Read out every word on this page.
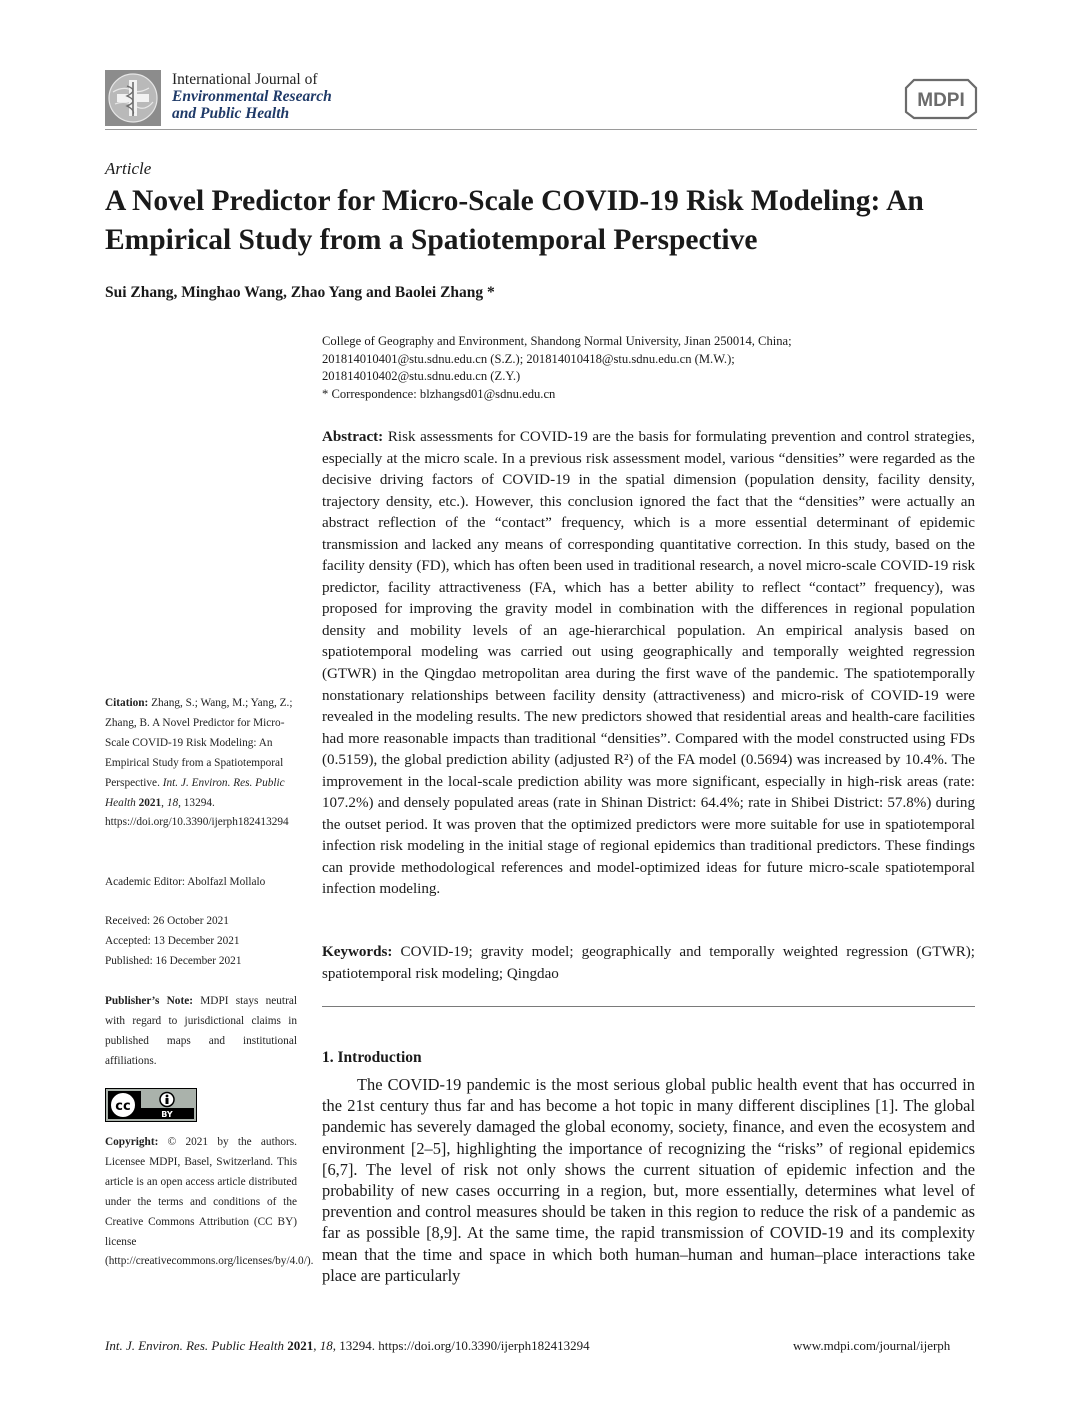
International Journal of
Environmental Research
and Public Health
MDPI
Article
A Novel Predictor for Micro-Scale COVID-19 Risk Modeling: An Empirical Study from a Spatiotemporal Perspective
Sui Zhang, Minghao Wang, Zhao Yang and Baolei Zhang *
College of Geography and Environment, Shandong Normal University, Jinan 250014, China;
201814010401@stu.sdnu.edu.cn (S.Z.); 201814010418@stu.sdnu.edu.cn (M.W.);
201814010402@stu.sdnu.edu.cn (Z.Y.)
* Correspondence: blzhangsd01@sdnu.edu.cn
Abstract: Risk assessments for COVID-19 are the basis for formulating prevention and control strategies, especially at the micro scale. In a previous risk assessment model, various “densities” were regarded as the decisive driving factors of COVID-19 in the spatial dimension (population density, facility density, trajectory density, etc.). However, this conclusion ignored the fact that the “densities” were actually an abstract reflection of the “contact” frequency, which is a more essential determinant of epidemic transmission and lacked any means of corresponding quantitative correction. In this study, based on the facility density (FD), which has often been used in traditional research, a novel micro-scale COVID-19 risk predictor, facility attractiveness (FA, which has a better ability to reflect “contact” frequency), was proposed for improving the gravity model in combination with the differences in regional population density and mobility levels of an age-hierarchical population. An empirical analysis based on spatiotemporal modeling was carried out using geographically and temporally weighted regression (GTWR) in the Qingdao metropolitan area during the first wave of the pandemic. The spatiotemporally nonstationary relationships between facility density (attractiveness) and micro-risk of COVID-19 were revealed in the modeling results. The new predictors showed that residential areas and health-care facilities had more reasonable impacts than traditional “densities”. Compared with the model constructed using FDs (0.5159), the global prediction ability (adjusted R²) of the FA model (0.5694) was increased by 10.4%. The improvement in the local-scale prediction ability was more significant, especially in high-risk areas (rate: 107.2%) and densely populated areas (rate in Shinan District: 64.4%; rate in Shibei District: 57.8%) during the outset period. It was proven that the optimized predictors were more suitable for use in spatiotemporal infection risk modeling in the initial stage of regional epidemics than traditional predictors. These findings can provide methodological references and model-optimized ideas for future micro-scale spatiotemporal infection modeling.
Keywords: COVID-19; gravity model; geographically and temporally weighted regression (GTWR); spatiotemporal risk modeling; Qingdao
1. Introduction
The COVID-19 pandemic is the most serious global public health event that has occurred in the 21st century thus far and has become a hot topic in many different disciplines [1]. The global pandemic has severely damaged the global economy, society, finance, and even the ecosystem and environment [2–5], highlighting the importance of recognizing the “risks” of regional epidemics [6,7]. The level of risk not only shows the current situation of epidemic infection and the probability of new cases occurring in a region, but, more essentially, determines what level of prevention and control measures should be taken in this region to reduce the risk of a pandemic as far as possible [8,9]. At the same time, the rapid transmission of COVID-19 and its complexity mean that the time and space in which both human–human and human–place interactions take place are particularly
Citation: Zhang, S.; Wang, M.; Yang, Z.; Zhang, B. A Novel Predictor for Micro-Scale COVID-19 Risk Modeling: An Empirical Study from a Spatiotemporal Perspective. Int. J. Environ. Res. Public Health 2021, 18, 13294. https://doi.org/10.3390/ijerph182413294
Academic Editor: Abolfazl Mollalo
Received: 26 October 2021
Accepted: 13 December 2021
Published: 16 December 2021
Publisher’s Note: MDPI stays neutral with regard to jurisdictional claims in published maps and institutional affiliations.
cc
BY
Copyright: © 2021 by the authors. Licensee MDPI, Basel, Switzerland. This article is an open access article distributed under the terms and conditions of the Creative Commons Attribution (CC BY) license (http://creativecommons.org/licenses/by/4.0/).
Int. J. Environ. Res. Public Health 2021, 18, 13294. https://doi.org/10.3390/ijerph182413294	www.mdpi.com/journal/ijerph
